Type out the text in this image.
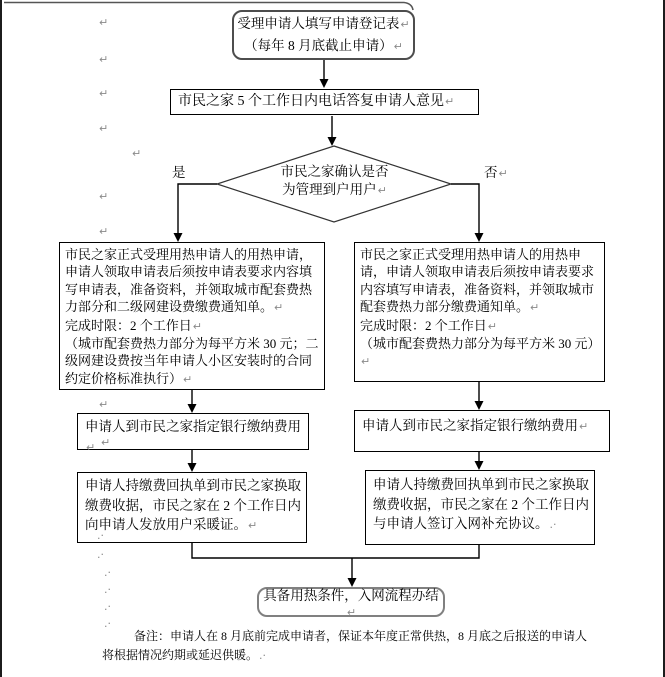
受理申请人填写申请登记表↵
（每年 8 月底截止申请）↵
市民之家 5 个工作日内电话答复申请人意见↵
市民之家确认是否
为管理到户用户↵
是	否↵
市民之家正式受理用热申请人的用热申请，申请人领取申请表后须按申请表要求内容填写申请表，准备资料，并领取城市配套费热力部分和二级网建设费缴费通知单。↵
完成时限：2 个工作日↵
（城市配套费热力部分为每平方米 30 元；二级网建设费按当年申请人小区安装时的合同约定价格标准执行）↵
市民之家正式受理用热申请人的用热申请，申请人领取申请表后须按申请表要求内容填写申请表，准备资料，并领取城市配套费热力部分缴费通知单。↵
完成时限：2 个工作日↵
（城市配套费热力部分为每平方米 30 元）↵
申请人到市民之家指定银行缴纳费用↵
申请人到市民之家指定银行缴纳费用↵
申请人持缴费回执单到市民之家换取缴费收据，市民之家在 2 个工作日内向申请人发放用户采暖证。↵
申请人持缴费回执单到市民之家换取缴费收据，市民之家在 2 个工作日内与申请人签订入网补充协议。.·
具备用热条件，入网流程办结↵
备注：申请人在 8 月底前完成申请者，保证本年度正常供热，8 月底之后报送的申请人
将根据情况约期或延迟供暖。.·
↵
↵
↵
↵
↵
↵
↵
↵
↵
.·
.·
.·
.·
.·
.·
